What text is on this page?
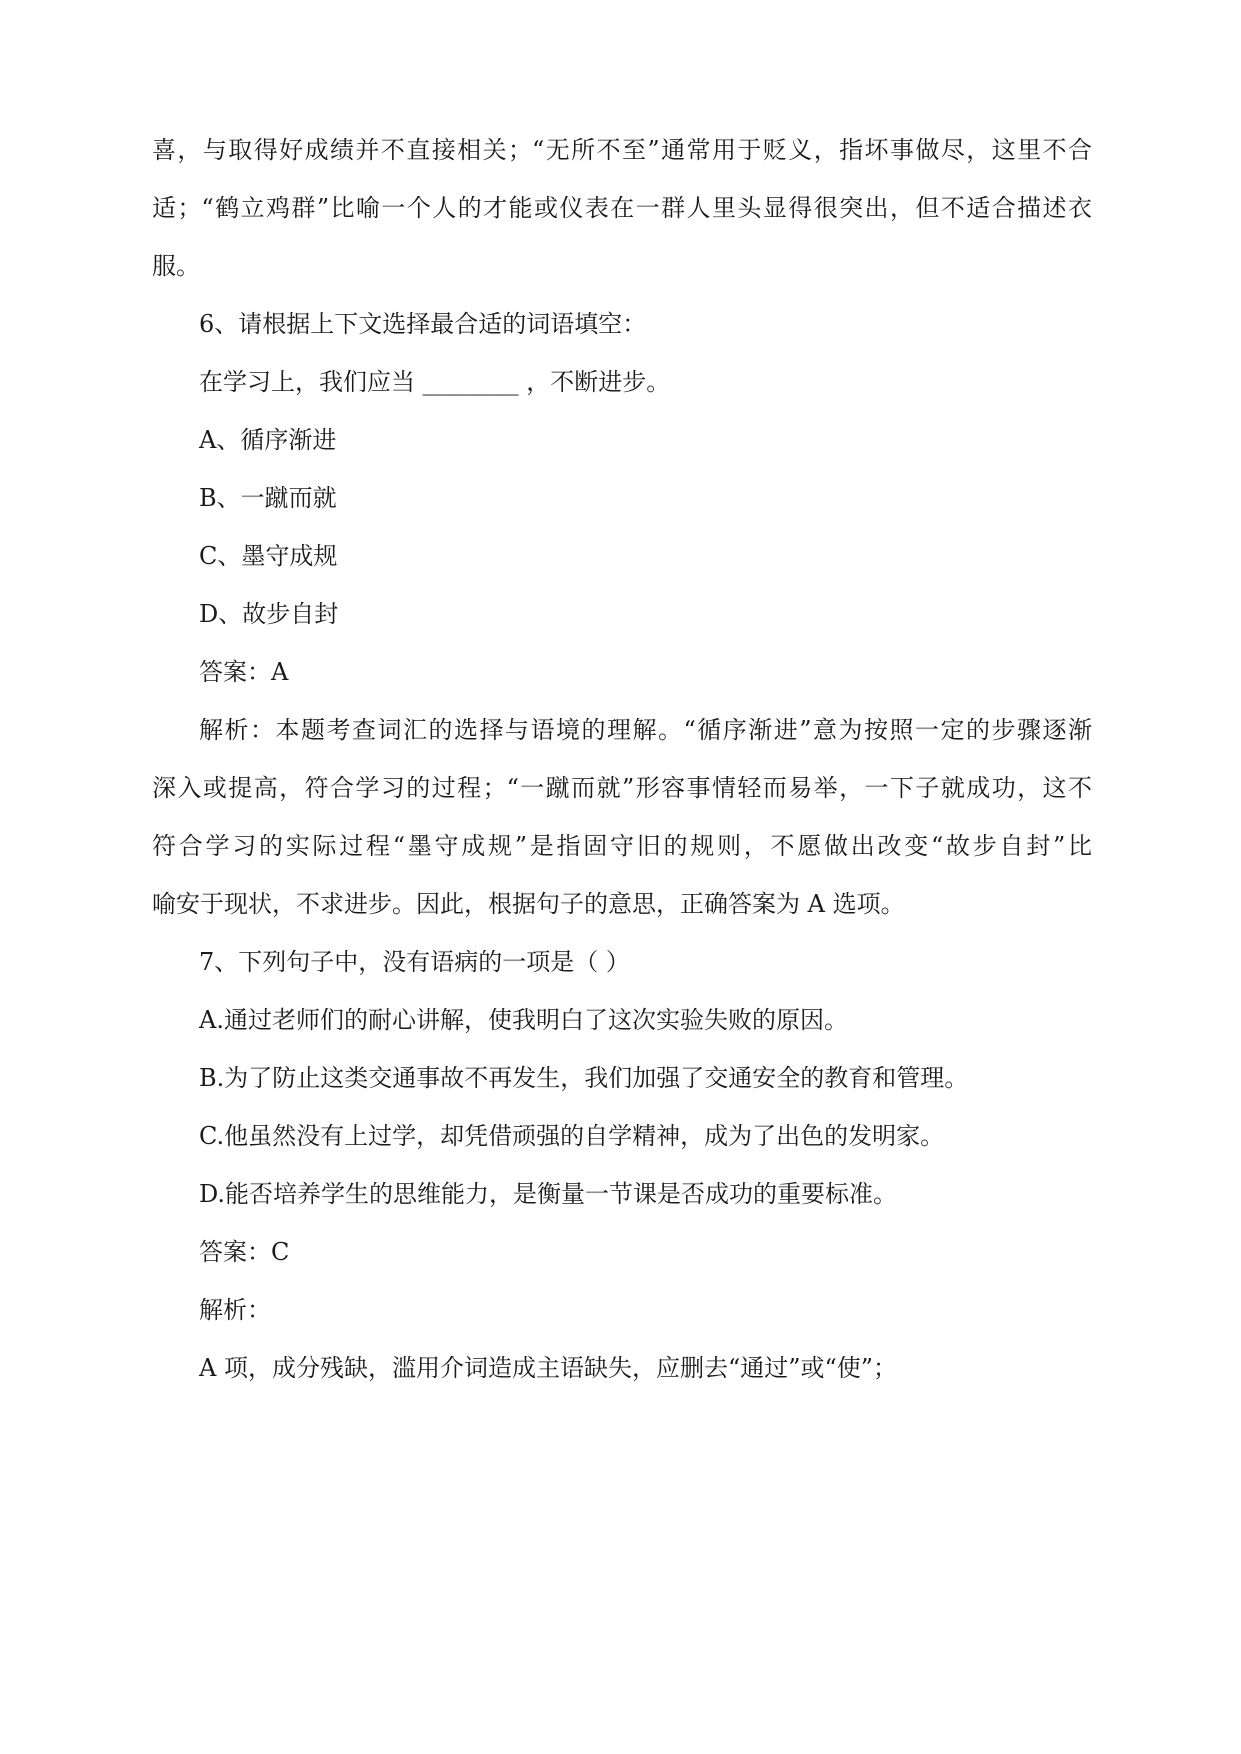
喜，与取得好成绩并不直接相关；“无所不至”通常用于贬义，指坏事做尽，这里不合
适；“鹤立鸡群”比喻一个人的才能或仪表在一群人里头显得很突出，但不适合描述衣
服。
6、请根据上下文选择最合适的词语填空：
在学习上，我们应当 ________ ，不断进步。
A、循序渐进
B、一蹴而就
C、墨守成规
D、故步自封
答案：A
解析：本题考查词汇的选择与语境的理解。“循序渐进”意为按照一定的步骤逐渐
深入或提高，符合学习的过程；“一蹴而就”形容事情轻而易举，一下子就成功，这不
符合学习的实际过程“墨守成规”是指固守旧的规则，不愿做出改变“故步自封”比
喻安于现状，不求进步。因此，根据句子的意思，正确答案为 A 选项。
7、下列句子中，没有语病的一项是（ ）
A.通过老师们的耐心讲解，使我明白了这次实验失败的原因。
B.为了防止这类交通事故不再发生，我们加强了交通安全的教育和管理。
C.他虽然没有上过学，却凭借顽强的自学精神，成为了出色的发明家。
D.能否培养学生的思维能力，是衡量一节课是否成功的重要标准。
答案：C
解析：
A 项，成分残缺，滥用介词造成主语缺失，应删去“通过”或“使”；
